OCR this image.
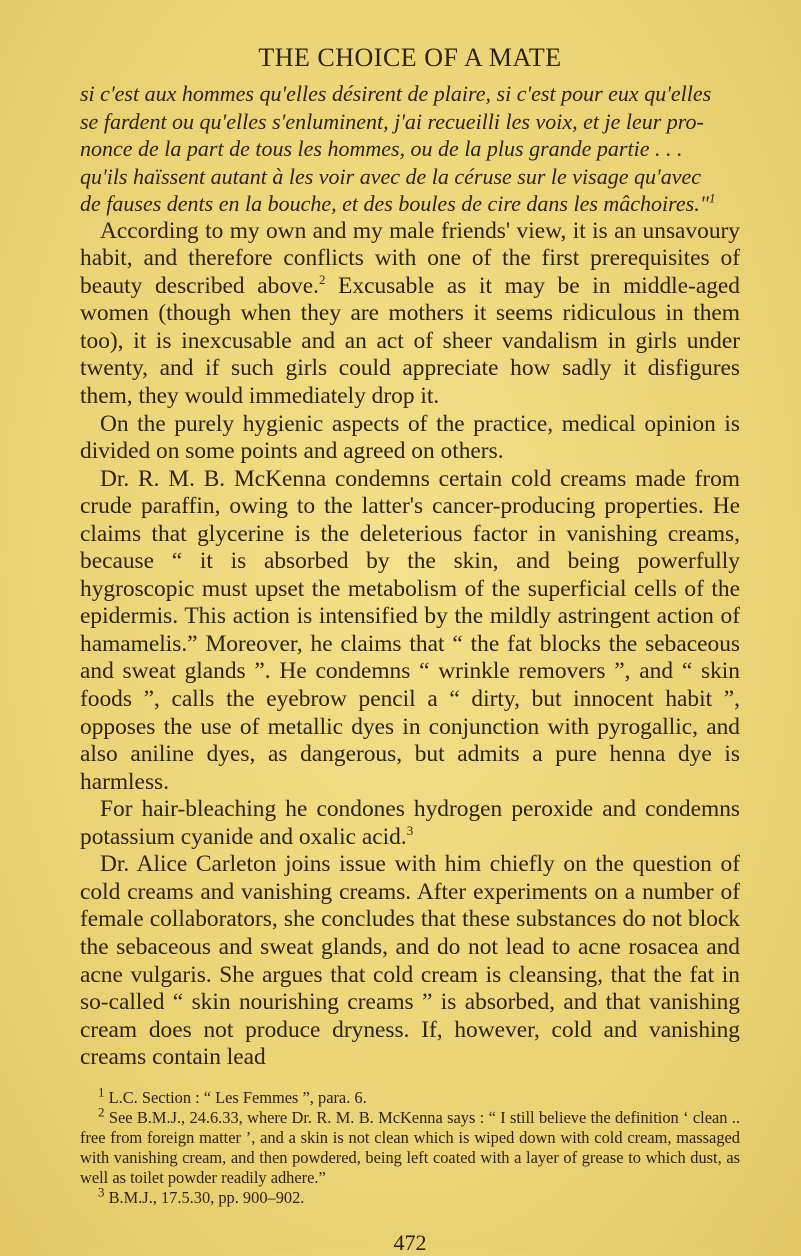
THE CHOICE OF A MATE
si c'est aux hommes qu'elles désirent de plaire, si c'est pour eux qu'elles
se fardent ou qu'elles s'enluminent, j'ai recueilli les voix, et je leur pro-
nonce de la part de tous les hommes, ou de la plus grande partie . . .
qu'ils haïssent autant à les voir avec de la céruse sur le visage qu'avec
de fauses dents en la bouche, et des boules de cire dans les mâchoires."$^1$

According to my own and my male friends' view, it is an unsavoury habit, and therefore conflicts with one of the first prerequisites of beauty described above.$^2$ Excusable as it may be in middle-aged women (though when they are mothers it seems ridiculous in them too), it is inexcusable and an act of sheer vandalism in girls under twenty, and if such girls could appreciate how sadly it disfigures them, they would immediately drop it.

On the purely hygienic aspects of the practice, medical opinion is divided on some points and agreed on others.

Dr. R. M. B. McKenna condemns certain cold creams made from crude paraffin, owing to the latter's cancer-producing properties. He claims that glycerine is the deleterious factor in vanishing creams, because “ it is absorbed by the skin, and being powerfully hygroscopic must upset the metabolism of the superficial cells of the epidermis. This action is intensified by the mildly astringent action of hamamelis.” Moreover, he claims that “ the fat blocks the sebaceous and sweat glands ”. He condemns “ wrinkle removers ”, and “ skin foods ”, calls the eyebrow pencil a “ dirty, but innocent habit ”, opposes the use of metallic dyes in conjunction with pyrogallic, and also aniline dyes, as dangerous, but admits a pure henna dye is harmless.

For hair-bleaching he condones hydrogen peroxide and condemns potassium cyanide and oxalic acid.$^3$

Dr. Alice Carleton joins issue with him chiefly on the question of cold creams and vanishing creams. After experiments on a number of female collaborators, she concludes that these substances do not block the sebaceous and sweat glands, and do not lead to acne rosacea and acne vulgaris. She argues that cold cream is cleansing, that the fat in so-called “ skin nourishing creams ” is absorbed, and that vanishing cream does not produce dryness. If, however, cold and vanishing creams contain lead

$^1$ L.C. Section : “ Les Femmes ”, para. 6.

$^2$ See B.M.J., 24.6.33, where Dr. R. M. B. McKenna says : “ I still believe the definition ‘ clean .. free from foreign matter ’, and a skin is not clean which is wiped down with cold cream, massaged with vanishing cream, and then powdered, being left coated with a layer of grease to which dust, as well as toilet powder readily adhere.”

$^3$ B.M.J., 17.5.30, pp. 900–902.

472
